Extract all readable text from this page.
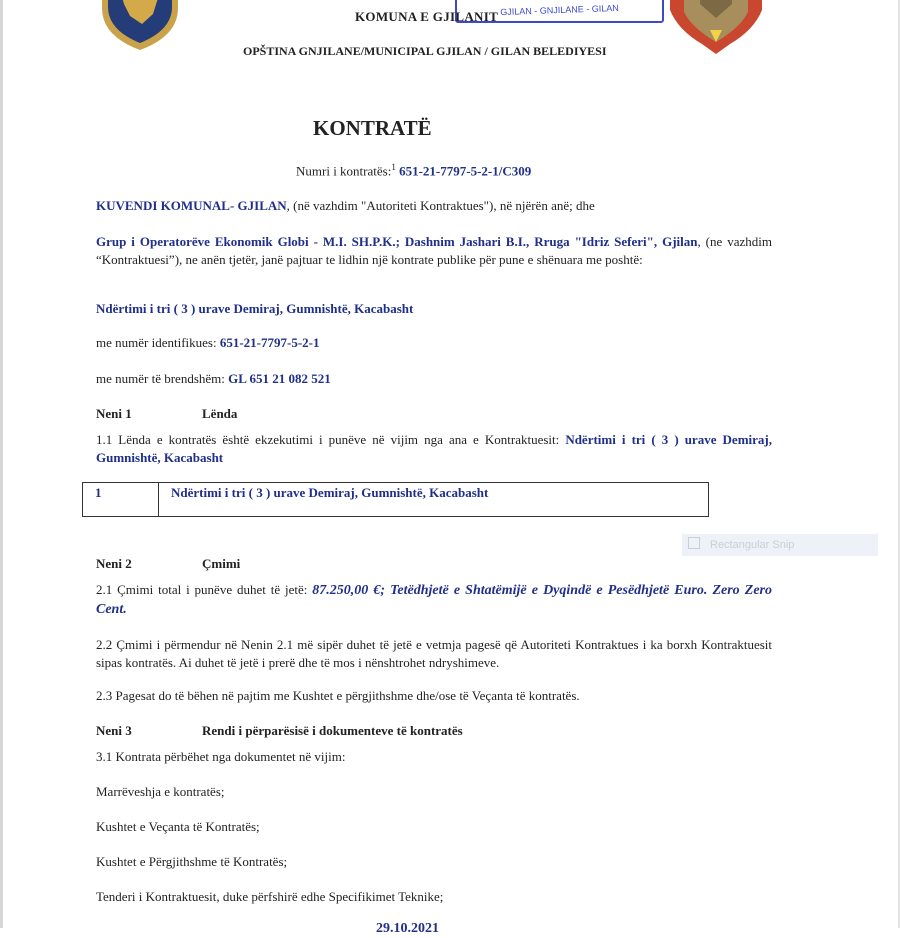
GJILAN - GNJILANE - GILAN
KOMUNA E GJILANIT
OPŠTINA GNJILANE/MUNICIPAL GJILAN / GILAN BELEDIYESI
KONTRATË
Numri i kontratës:$^1$ 651-21-7797-5-2-1/C309
KUVENDI KOMUNAL- GJILAN, (në vazhdim "Autoriteti Kontraktues"), në njërën anë; dhe
Grup i Operatorëve Ekonomik Globi - M.I. SH.P.K.; Dashnim Jashari B.I., Rruga "Idriz Seferi", Gjilan, (ne vazhdim “Kontraktuesi”), ne anën tjetër, janë pajtuar te lidhin një kontrate publike për pune e shënuara me poshtë:
Ndërtimi i tri ( 3 ) urave Demiraj, Gumnishtë, Kacabasht
me numër identifikues: 651-21-7797-5-2-1
me numër të brendshëm: GL 651 21 082 521
Neni 1	Lënda
1.1 Lënda e kontratës është ekzekutimi i punëve në vijim nga ana e Kontraktuesit: Ndërtimi i tri ( 3 ) urave Demiraj, Gumnishtë, Kacabasht
1	Ndërtimi i tri ( 3 ) urave Demiraj, Gumnishtë, Kacabasht
Rectangular Snip
Neni 2	Çmimi
2.1 Çmimi total i punëve duhet të jetë: 87.250,00 €; Tetëdhjetë e Shtatëmijë e Dyqindë e Pesëdhjetë Euro. Zero Zero Cent.
2.2 Çmimi i përmendur në Nenin 2.1 më sipër duhet të jetë e vetmja pagesë që Autoriteti Kontraktues i ka borxh Kontraktuesit sipas kontratës. Ai duhet të jetë i prerë dhe të mos i nënshtrohet ndryshimeve.
2.3 Pagesat do të bëhen në pajtim me Kushtet e përgjithshme dhe/ose të Veçanta të kontratës.
Neni 3	Rendi i përparësisë i dokumenteve të kontratës
3.1 Kontrata përbëhet nga dokumentet në vijim:
Marrëveshja e kontratës;
Kushtet e Veçanta të Kontratës;
Kushtet e Përgjithshme të Kontratës;
Tenderi i Kontraktuesit, duke përfshirë edhe Specifikimet Teknike;
29.10.2021
